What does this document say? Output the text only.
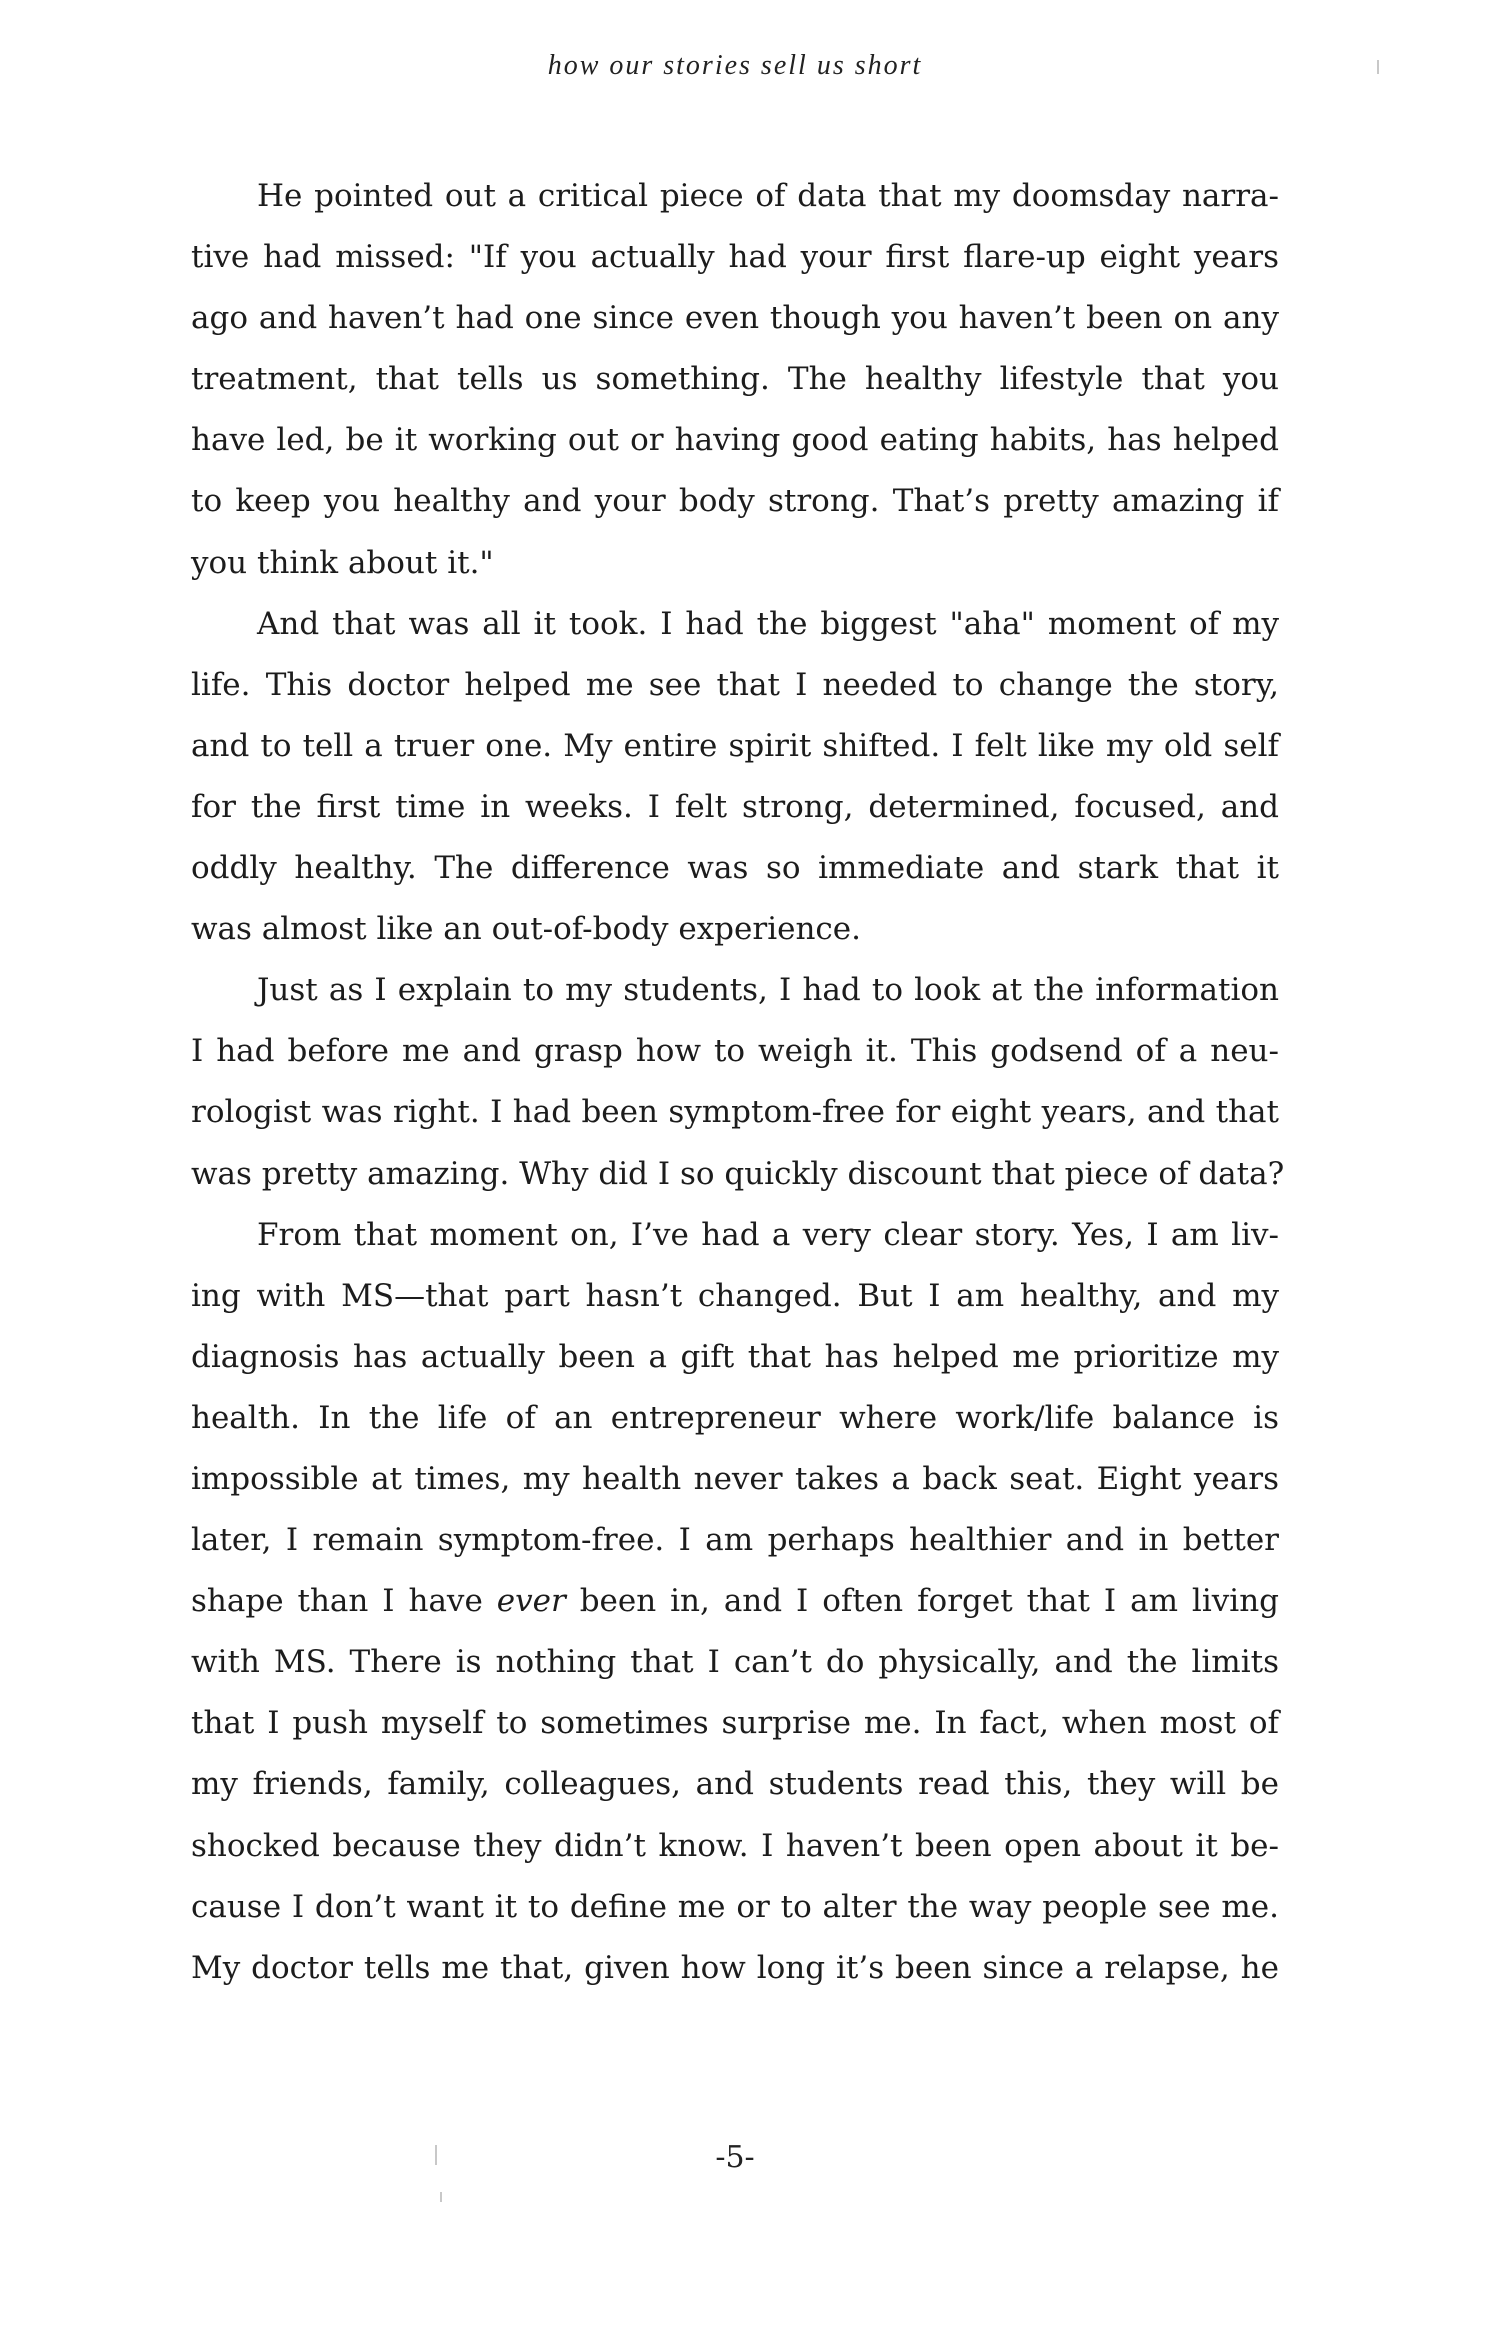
how our stories sell us short

He pointed out a critical piece of data that my doomsday narra-
tive had missed: "If you actually had your first flare-up eight years
ago and haven’t had one since even though you haven’t been on any
treatment, that tells us something. The healthy lifestyle that you
have led, be it working out or having good eating habits, has helped
to keep you healthy and your body strong. That’s pretty amazing if
you think about it."

And that was all it took. I had the biggest "aha" moment of my
life. This doctor helped me see that I needed to change the story,
and to tell a truer one. My entire spirit shifted. I felt like my old self
for the first time in weeks. I felt strong, determined, focused, and
oddly healthy. The difference was so immediate and stark that it
was almost like an out-of-body experience.

Just as I explain to my students, I had to look at the information
I had before me and grasp how to weigh it. This godsend of a neu-
rologist was right. I had been symptom-free for eight years, and that
was pretty amazing. Why did I so quickly discount that piece of data?

From that moment on, I’ve had a very clear story. Yes, I am liv-
ing with MS—that part hasn’t changed. But I am healthy, and my
diagnosis has actually been a gift that has helped me prioritize my
health. In the life of an entrepreneur where work/life balance is
impossible at times, my health never takes a back seat. Eight years
later, I remain symptom-free. I am perhaps healthier and in better
shape than I have ever been in, and I often forget that I am living
with MS. There is nothing that I can’t do physically, and the limits
that I push myself to sometimes surprise me. In fact, when most of
my friends, family, colleagues, and students read this, they will be
shocked because they didn’t know. I haven’t been open about it be-
cause I don’t want it to define me or to alter the way people see me.
My doctor tells me that, given how long it’s been since a relapse, he

-5-
